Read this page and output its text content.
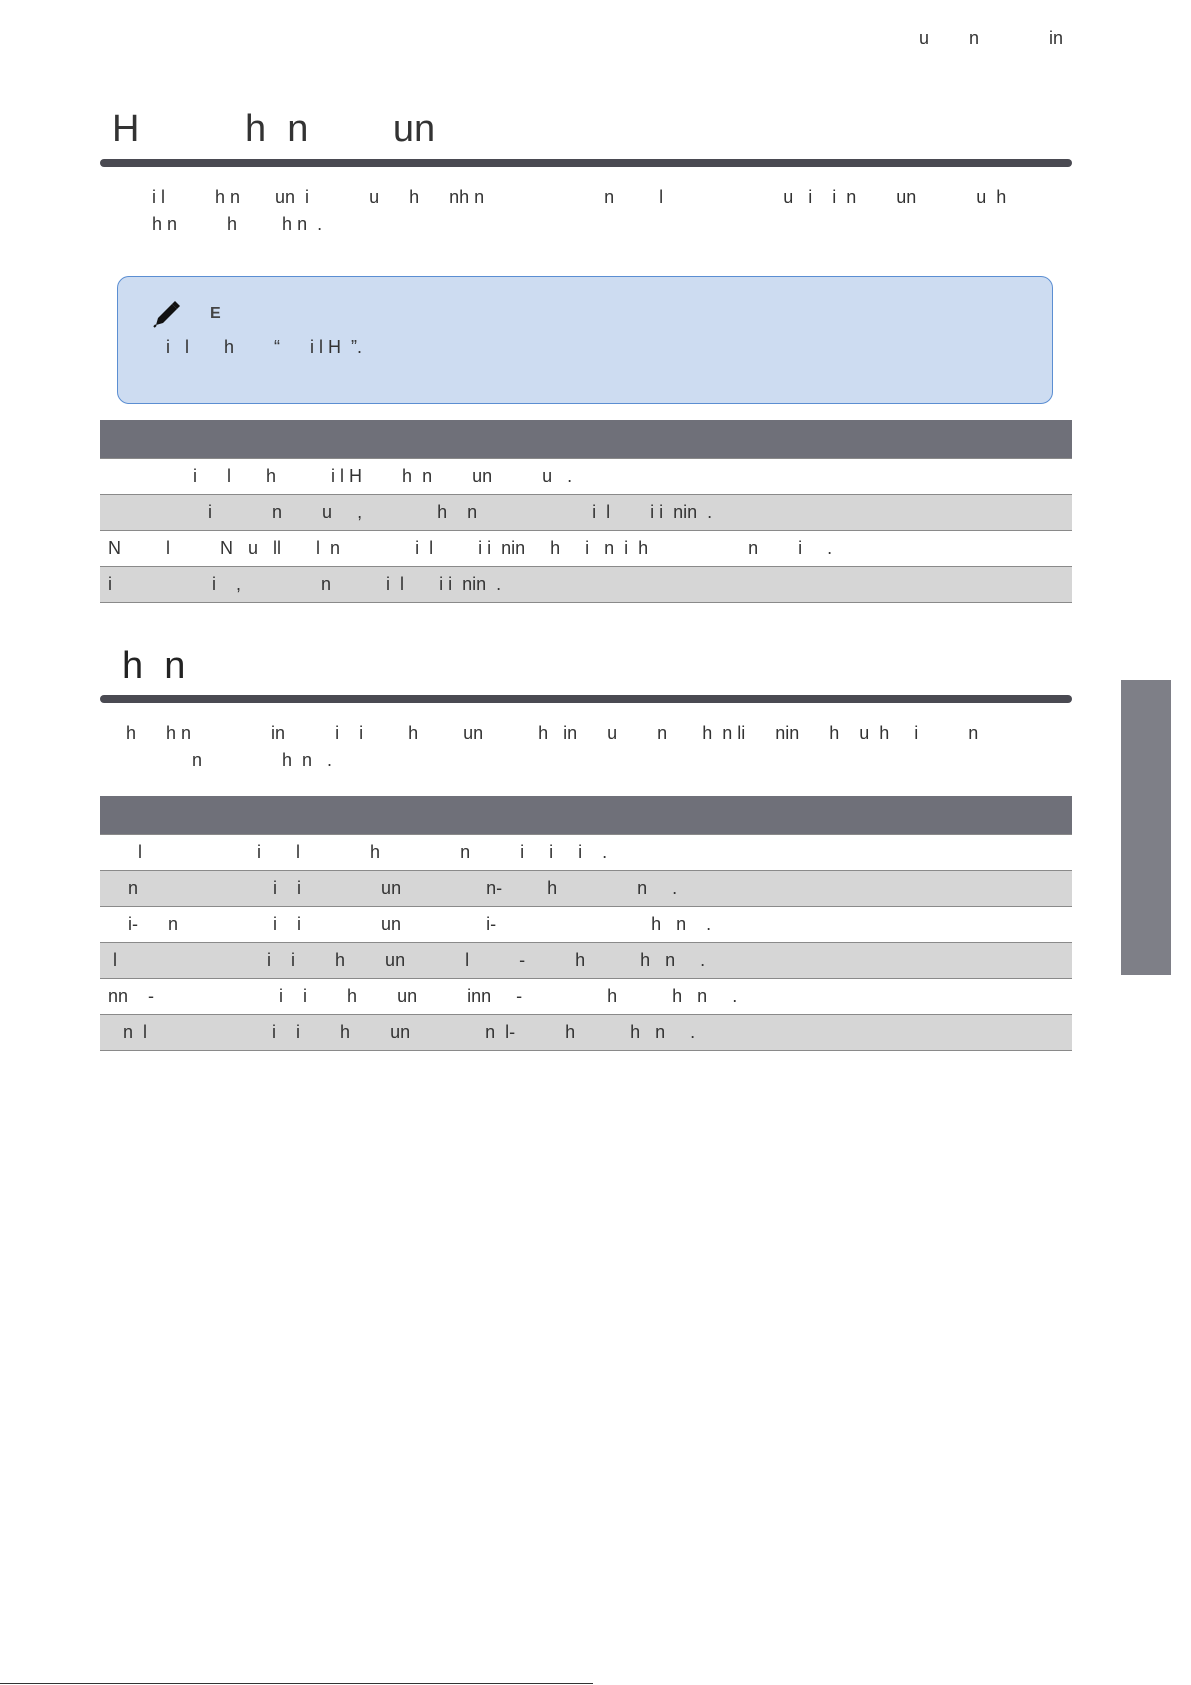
u        n              in
H          h  n        un
i l          h n       un  i            u      h      nh n                        n         l                        u   i    i  n        un            u  h
h n          h         h n  .
E
i   l       h        “      i l H  ”.

i      l       h           i l H        h  n        un          u   .
i            n        u     ,               h    n                       i  l        i i  nin  .
N         l          N   u   ll       l  n               i  l         i i  nin     h     i   n  i  h                    n        i     .
i                    i    ,                n           i  l       i i  nin  .
h  n
h      h n                in          i    i         h         un           h   in      u        n       h  n li      nin      h    u  h     i          n
n                h  n   .

l                       i       l              h                n          i     i     i    .
n                           i    i                un                 n-         h                n     .
i-      n                   i    i                un                 i-                               h   n    .
l                              i    i        h        un            l          -          h           h   n     .
nn    -                         i    i        h        un          inn     -                 h           h   n     .
n  l                         i    i        h        un               n  l-          h           h   n     .
